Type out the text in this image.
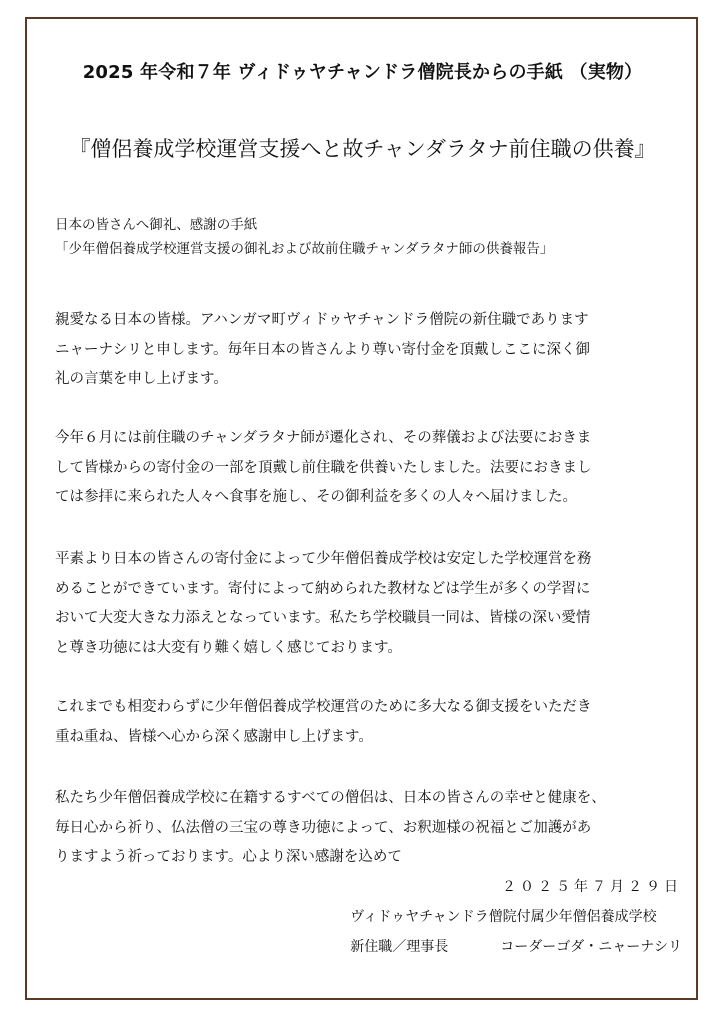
2025 年令和７年 ヴィドゥヤチャンドラ僧院長からの手紙 （実物）
『僧侶養成学校運営支援へと故チャンダラタナ前住職の供養』
日本の皆さんへ御礼、感謝の手紙
「少年僧侶養成学校運営支援の御礼および故前住職チャンダラタナ師の供養報告」
親愛なる日本の皆様。アハンガマ町ヴィドゥヤチャンドラ僧院の新住職であります
ニャーナシリと申します。毎年日本の皆さんより尊い寄付金を頂戴しここに深く御
礼の言葉を申し上げます。
今年６月には前住職のチャンダラタナ師が遷化され、その葬儀および法要におきま
して皆様からの寄付金の一部を頂戴し前住職を供養いたしました。法要におきまし
ては参拝に来られた人々へ食事を施し、その御利益を多くの人々へ届けました。
平素より日本の皆さんの寄付金によって少年僧侶養成学校は安定した学校運営を務
めることができています。寄付によって納められた教材などは学生が多くの学習に
おいて大変大きな力添えとなっています。私たち学校職員一同は、皆様の深い愛情
と尊き功徳には大変有り難く嬉しく感じております。
これまでも相変わらずに少年僧侶養成学校運営のために多大なる御支援をいただき
重ね重ね、皆様へ心から深く感謝申し上げます。
私たち少年僧侶養成学校に在籍するすべての僧侶は、日本の皆さんの幸せと健康を、
毎日心から祈り、仏法僧の三宝の尊き功徳によって、お釈迦様の祝福とご加護があ
りますよう祈っております。心より深い感謝を込めて
２０２５年７月２９日
ヴィドゥヤチャンドラ僧院付属少年僧侶養成学校
新住職／理事長	コーダーゴダ・ニャーナシリ
